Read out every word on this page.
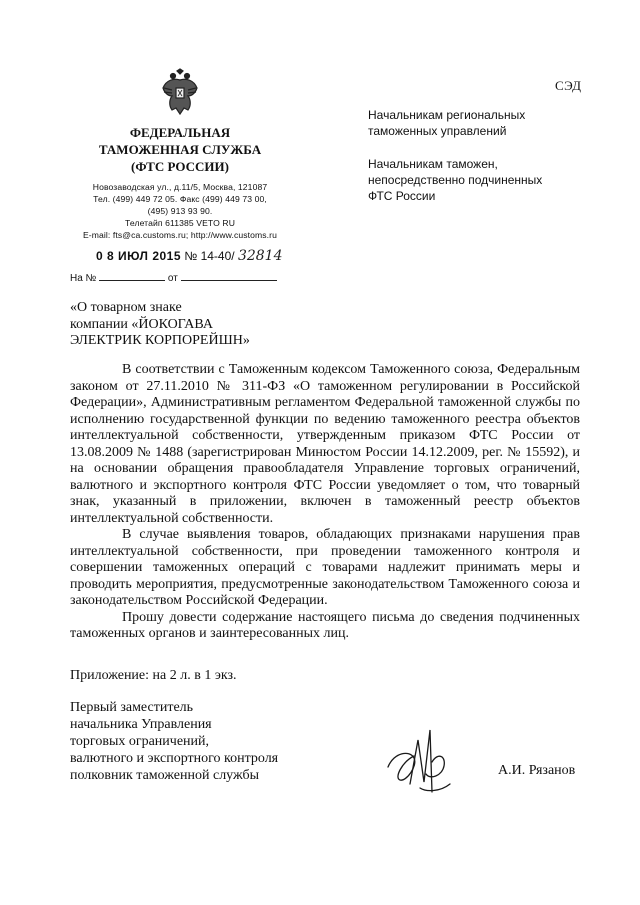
ФЕДЕРАЛЬНАЯ
ТАМОЖЕННАЯ СЛУЖБА
(ФТС РОССИИ)
Новозаводская ул., д.11/5, Москва, 121087
Тел. (499) 449 72 05. Факс (499) 449 73 00,
(495) 913 93 90.
Телетайп 611385 VETO RU
E-mail: fts@ca.customs.ru; http://www.customs.ru
СЭД
Начальникам региональных
таможенных управлений
Начальникам таможен,
непосредственно подчиненных
ФТС России
0 8 ИЮЛ 2015 № 14-40/ 32814
На №	от
«О товарном знаке
компании «ЙОКОГАВА
ЭЛЕКТРИК КОРПОРЕЙШН»

В соответствии с Таможенным кодексом Таможенного союза, Федеральным законом от 27.11.2010 № 311-ФЗ «О таможенном регулировании в Российской Федерации», Административным регламентом Федеральной таможенной службы по исполнению государственной функции по ведению таможенного реестра объектов интеллектуальной собственности, утвержденным приказом ФТС России от 13.08.2009 № 1488 (зарегистрирован Минюстом России 14.12.2009, рег. № 15592), и на основании обращения правообладателя Управление торговых ограничений, валютного и экспортного контроля ФТС России уведомляет о том, что товарный знак, указанный в приложении, включен в таможенный реестр объектов интеллектуальной собственности.

В случае выявления товаров, обладающих признаками нарушения прав интеллектуальной собственности, при проведении таможенного контроля и совершении таможенных операций с товарами надлежит принимать меры и проводить мероприятия, предусмотренные законодательством Таможенного союза и законодательством Российской Федерации.

Прошу довести содержание настоящего письма до сведения подчиненных таможенных органов и заинтересованных лиц.

Приложение: на 2 л. в 1 экз.
Первый заместитель
начальника Управления
торговых ограничений,
валютного и экспортного контроля
полковник таможенной службы	А.И. Рязанов
